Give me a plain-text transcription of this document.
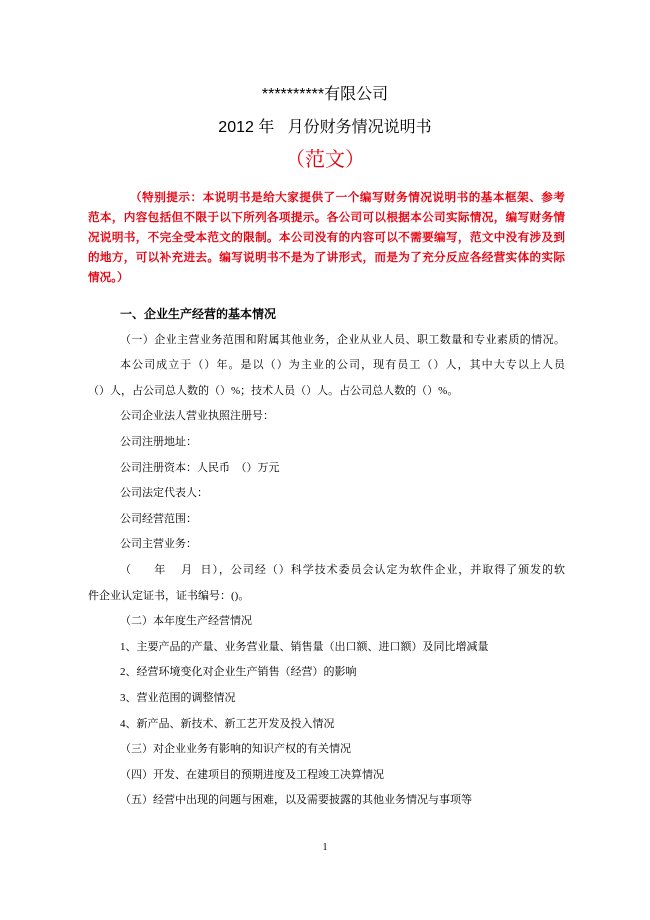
**********有限公司
2012 年   月份财务情况说明书
（范文）
（特别提示：本说明书是给大家提供了一个编写财务情况说明书的基本框架、参考
范本，内容包括但不限于以下所列各项提示。各公司可以根据本公司实际情况，编写财务情
况说明书，不完全受本范文的限制。本公司没有的内容可以不需要编写，范文中没有涉及到
的地方，可以补充进去。编写说明书不是为了讲形式，而是为了充分反应各经营实体的实际
情况。）
一、企业生产经营的基本情况
（一）企业主营业务范围和附属其他业务，企业从业人员、职工数量和专业素质的情况。
本公司成立于（）年。是以（）为主业的公司，现有员工（）人，其中大专以上人员
（）人，占公司总人数的（）%；技术人员（）人。占公司总人数的（）%。
公司企业法人营业执照注册号：
公司注册地址：
公司注册资本：人民币  （）万元
公司法定代表人：
公司经营范围：
公司主营业务：
（      年    月  日），公司经（）科学技术委员会认定为软件企业，并取得了颁发的软
件企业认定证书，证书编号：()。
（二）本年度生产经营情况
1、主要产品的产量、业务营业量、销售量（出口额、进口额）及同比增减量
2、经营环境变化对企业生产销售（经营）的影响
3、营业范围的调整情况
4、新产品、新技术、新工艺开发及投入情况
（三）对企业业务有影响的知识产权的有关情况
（四）开发、在建项目的预期进度及工程竣工决算情况
（五）经营中出现的问题与困难，以及需要披露的其他业务情况与事项等
1
